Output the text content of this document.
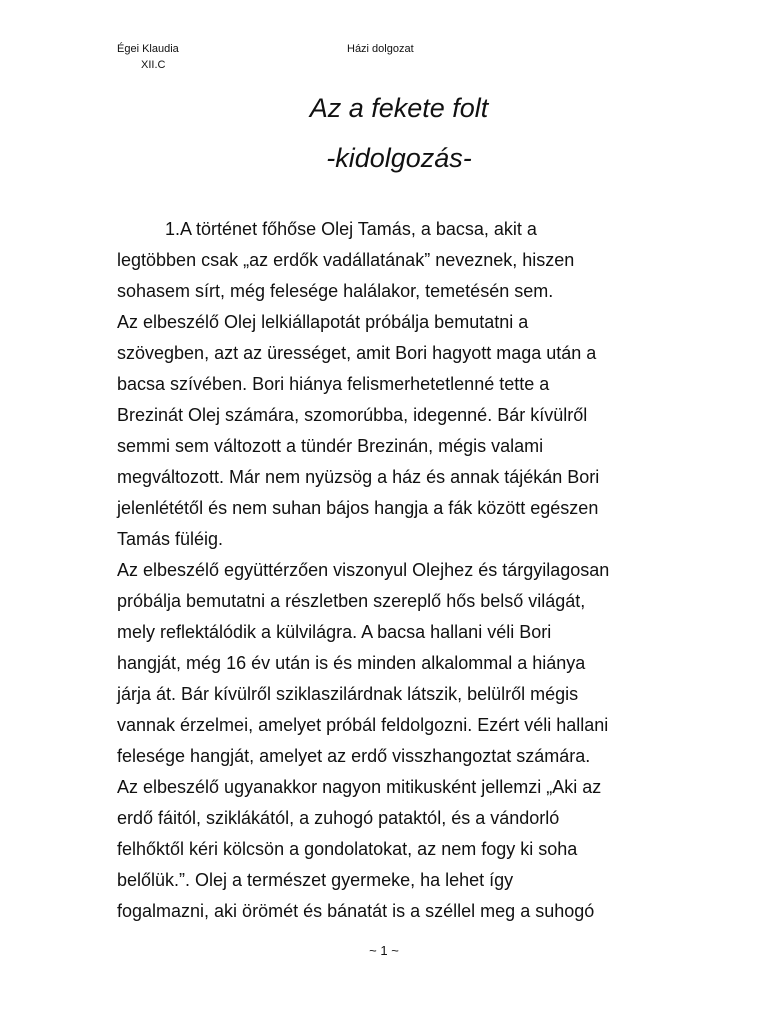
Égei Klaudia
XII.C
Házi dolgozat
Az a fekete folt
-kidolgozás-
1.A történet főhőse Olej Tamás, a bacsa, akit a
legtöbben csak „az erdők vadállatának” neveznek, hiszen
sohasem sírt, még felesége halálakor, temetésén sem.
Az elbeszélő Olej lelkiállapotát próbálja bemutatni a
szövegben, azt az ürességet, amit Bori hagyott maga után a
bacsa szívében. Bori hiánya felismerhetetlenné tette a
Brezinát Olej számára, szomorúbba, idegenné. Bár kívülről
semmi sem változott a tündér Brezinán, mégis valami
megváltozott. Már nem nyüzsög a ház és annak tájékán Bori
jelenlététől és nem suhan bájos hangja a fák között egészen
Tamás füléig.
Az elbeszélő együttérzően viszonyul Olejhez és tárgyilagosan
próbálja bemutatni a részletben szereplő hős belső világát,
mely reflektálódik a külvilágra. A bacsa hallani véli Bori
hangját, még 16 év után is és minden alkalommal a hiánya
járja át. Bár kívülről sziklaszilárdnak látszik, belülről mégis
vannak érzelmei, amelyet próbál feldolgozni. Ezért véli hallani
felesége hangját, amelyet az erdő visszhangoztat számára.
Az elbeszélő ugyanakkor nagyon mitikusként jellemzi „Aki az
erdő fáitól, sziklákától, a zuhogó pataktól, és a vándorló
felhőktől kéri kölcsön a gondolatokat, az nem fogy ki soha
belőlük.”. Olej a természet gyermeke, ha lehet így
fogalmazni, aki örömét és bánatát is a széllel meg a suhogó
~ 1 ~
